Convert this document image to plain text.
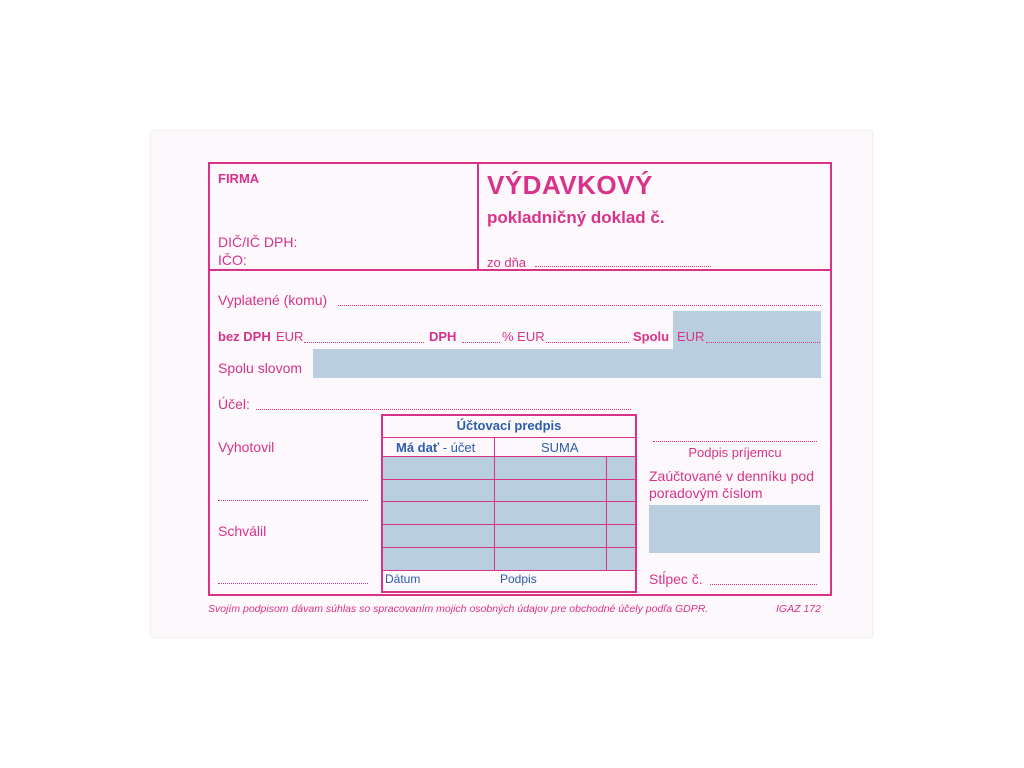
FIRMA
DIČ/IČ DPH:
IČO:
VÝDAVKOVÝ
pokladničný doklad č.
zo dňa
Vyplatené (komu)
bez DPH EUR	DPH	% EUR	Spolu EUR
Spolu slovom
Účel:
Vyhotovil
Schválil
Účtovací predpis
Má dať - účet	SUMA
Dátum	Podpis
Podpis príjemcu
Zaúčtované v denníku pod
poradovým číslom
Stĺpec č.
Svojím podpisom dávam súhlas so spracovaním mojich osobných údajov pre obchodné účely podľa GDPR.	IGAZ 172
